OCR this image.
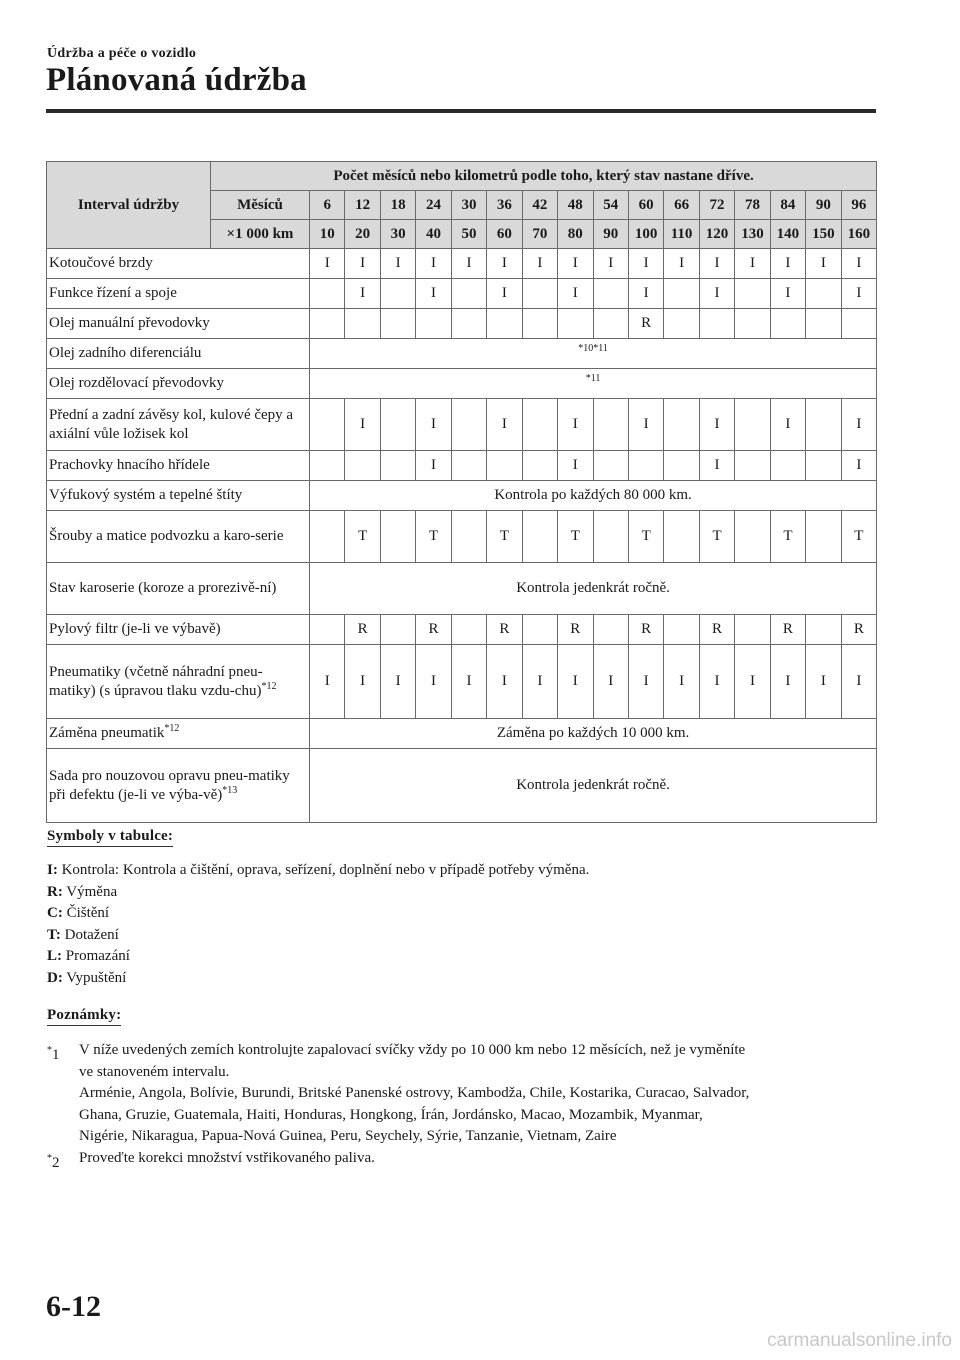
Údržba a péče o vozidlo
Plánovaná údržba
Interval údržby	Počet měsíců nebo kilometrů podle toho, který stav nastane dříve.																
	Měsíců	6	12	18	24	30	36	42	48	54	60	66	72	78	84	90	96
	×1 000 km	10	20	30	40	50	60	70	80	90	100	110	120	130	140	150	160
Kotoučové brzdy		I	I	I	I	I	I	I	I	I	I	I	I	I	I	I	I
Funkce řízení a spoje			I		I		I		I		I		I		I		I
Olej manuální převodovky											R						
Olej zadního diferenciálu		$^{*10*11}$
Olej rozdělovací převodovky		$^{*11}$
Přední a zadní závěsy kol, kulové čepy a axiální vůle ložisek kol			I		I		I		I		I		I		I		I
Prachovky hnacího hřídele					I				I				I				I
Výfukový systém a tepelné štíty		Kontrola po každých 80 000 km.															
Šrouby a matice podvozku a karo-serie			T		T		T		T		T		T		T		T
Stav karoserie (koroze a prorezivě-ní)		Kontrola jedenkrát ročně.															
Pylový filtr (je-li ve výbavě)			R		R		R		R		R		R		R		R
Pneumatiky (včetně náhradní pneu-matiky) (s úpravou tlaku vzdu-chu)$^{*12}$		I	I	I	I	I	I	I	I	I	I	I	I	I	I	I	I
Záměna pneumatik$^{*12}$		Záměna po každých 10 000 km.															
Sada pro nouzovou opravu pneu-matiky při defektu (je-li ve výba-vě)$^{*13}$		Kontrola jedenkrát ročně.															
Symboly v tabulce:
I: Kontrola: Kontrola a čištění, oprava, seřízení, doplnění nebo v případě potřeby výměna.
R: Výměna
C: Čištění
T: Dotažení
L: Promazání
D: Vypuštění
Poznámky:
*1 V níže uvedených zemích kontrolujte zapalovací svíčky vždy po 10 000 km nebo 12 měsících, než je vyměníte
ve stanoveném intervalu.
Arménie, Angola, Bolívie, Burundi, Britské Panenské ostrovy, Kambodža, Chile, Kostarika, Curacao, Salvador,
Ghana, Gruzie, Guatemala, Haiti, Honduras, Hongkong, Írán, Jordánsko, Macao, Mozambik, Myanmar,
Nigérie, Nikaragua, Papua-Nová Guinea, Peru, Seychely, Sýrie, Tanzanie, Vietnam, Zaire
*2 Proveďte korekci množství vstřikovaného paliva.
6-12
carmanualsonline.info
